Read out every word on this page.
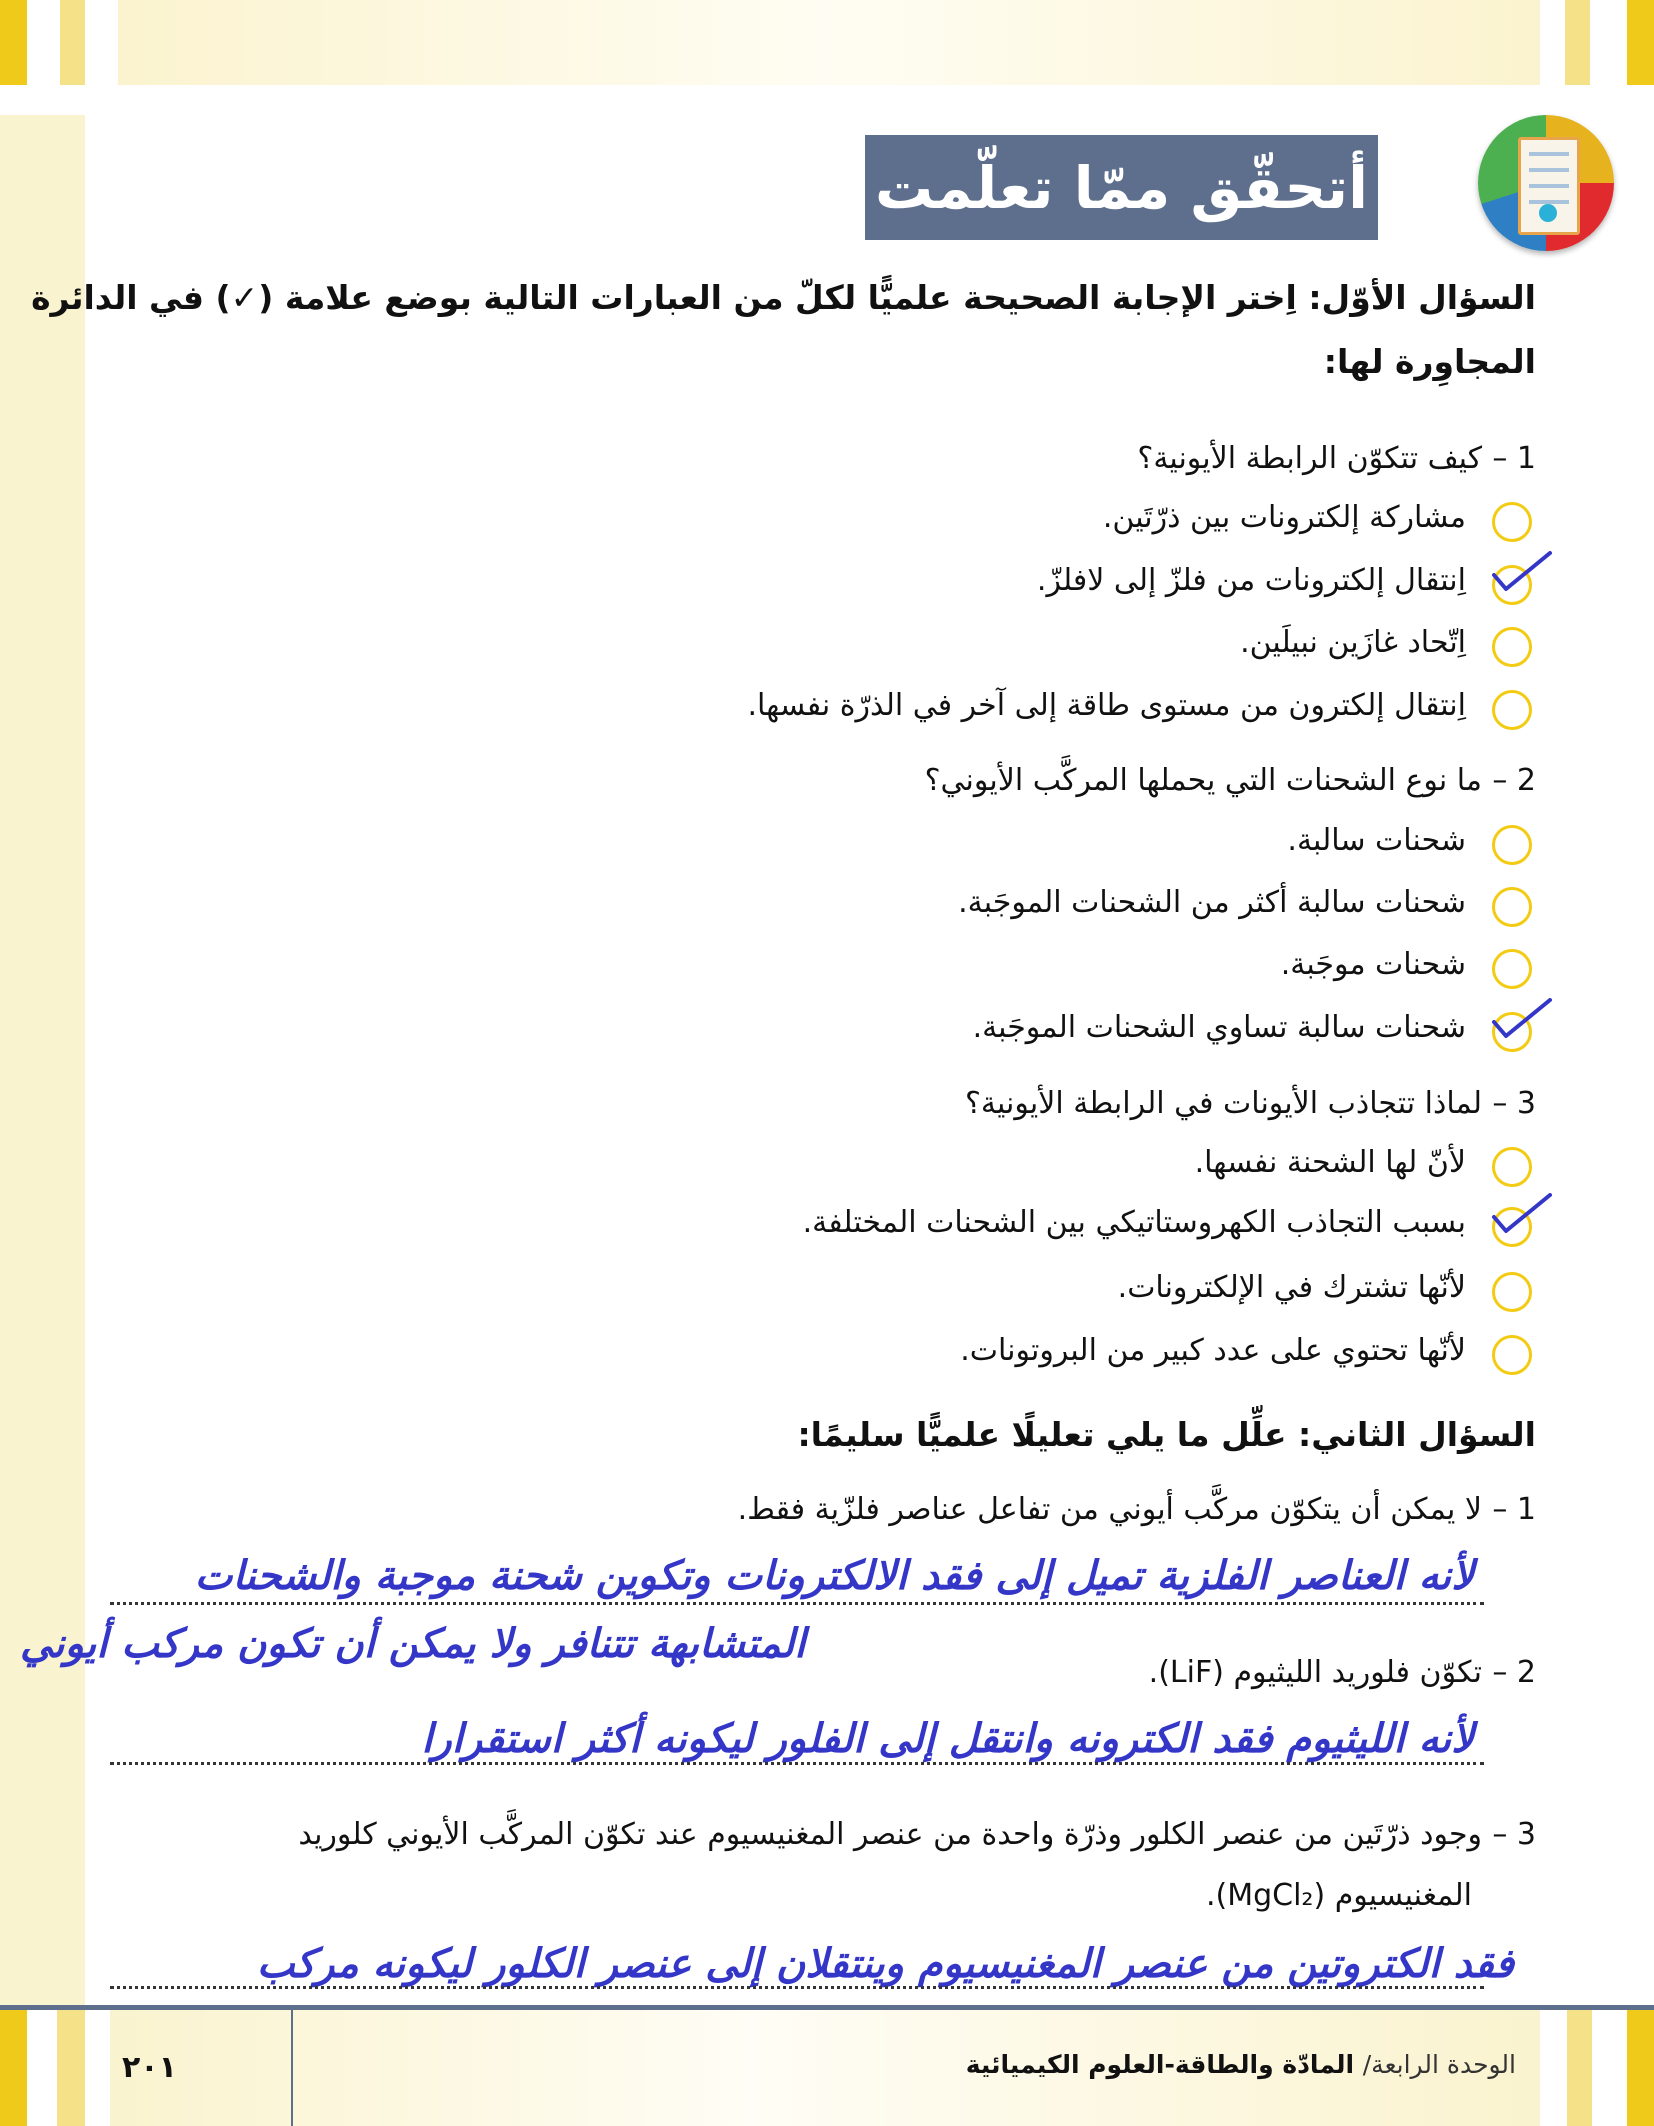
أتحقّق ممّا تعلّمت
السؤال الأوّل: اِختر الإجابة الصحيحة علميًّا لكلّ من العبارات التالية بوضع علامة (✓) في الدائرة
المجاوِرة لها:
1 –
كيف تتكوّن الرابطة الأيونية؟
مشاركة إلكترونات بين ذرّتَين.
اِنتقال إلكترونات من فلزّ إلى لافلزّ.
اِتّحاد غازَين نبيلَين.
اِنتقال إلكترون من مستوى طاقة إلى آخر في الذرّة نفسها.
2 –
ما نوع الشحنات التي يحملها المركَّب الأيوني؟
شحنات سالبة.
شحنات سالبة أكثر من الشحنات الموجَبة.
شحنات موجَبة.
شحنات سالبة تساوي الشحنات الموجَبة.
3 –
لماذا تتجاذب الأيونات في الرابطة الأيونية؟
لأنّ لها الشحنة نفسها.
بسبب التجاذب الكهروستاتيكي بين الشحنات المختلفة.
لأنّها تشترك في الإلكترونات.
لأنّها تحتوي على عدد كبير من البروتونات.
السؤال الثاني: علِّل ما يلي تعليلًا علميًّا سليمًا:
1 –
لا يمكن أن يتكوّن مركَّب أيوني من تفاعل عناصر فلزّية فقط.
لأنه العناصر الفلزية تميل إلى فقد الالكترونات وتكوين شحنة موجبة والشحنات
المتشابهة تتنافر ولا يمكن أن تكون مركب أيوني
2 –
تكوّن فلوريد الليثيوم (LiF).
لأنه الليثيوم فقد الكترونه وانتقل إلى الفلور ليكونه أكثر استقرارا
3 –
وجود ذرّتَين من عنصر الكلور وذرّة واحدة من عنصر المغنيسيوم عند تكوّن المركَّب الأيوني كلوريد
المغنيسيوم (MgCl₂).
فقد الكتروتين من عنصر المغنيسيوم وينتقلان إلى عنصر الكلور ليكونه مركب
الوحدة الرابعة/ المادّة والطاقة-العلوم الكيميائية
٢٠١
